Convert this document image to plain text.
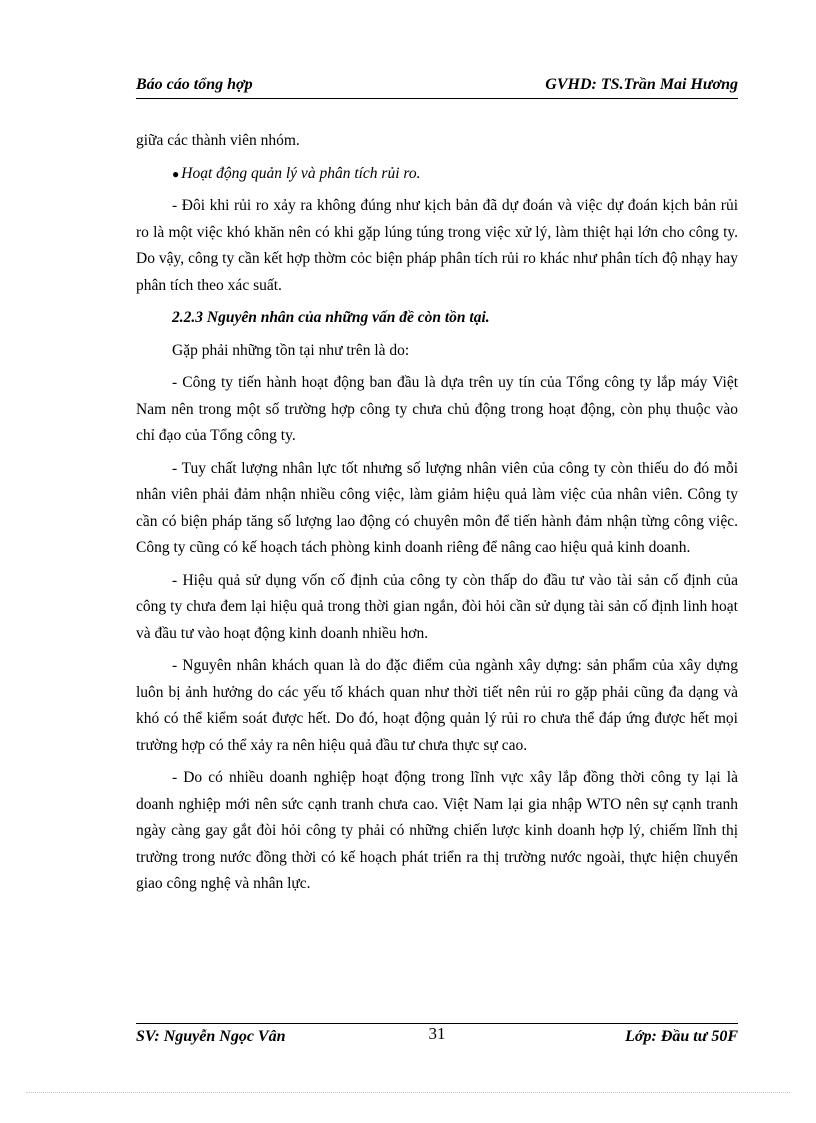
Báo cáo tổng hợp	GVHD: TS.Trần Mai Hương

giữa các thành viên nhóm.

● Hoạt động quản lý và phân tích rủi ro.

- Đôi khi rủi ro xảy ra không đúng như kịch bản đã dự đoán và việc dự đoán kịch bản rủi ro là một việc khó khăn nên có khi gặp lúng túng trong việc xử lý, làm thiệt hại lớn cho công ty. Do vậy, công ty cần kết hợp thờm cỏc biện pháp phân tích rủi ro khác như phân tích độ nhạy hay phân tích theo xác suất.

2.2.3 Nguyên nhân của những vấn đề còn tồn tại.

Gặp phải những tồn tại như trên là do:

- Công ty tiến hành hoạt động ban đầu là dựa trên uy tín của Tổng công ty lắp máy Việt Nam nên trong một số trường hợp công ty chưa chủ động trong hoạt động, còn phụ thuộc vào chỉ đạo của Tổng công ty.

- Tuy chất lượng nhân lực tốt nhưng số lượng nhân viên của công ty còn thiếu do đó mỗi nhân viên phải đảm nhận nhiều công việc, làm giảm hiệu quả làm việc của nhân viên. Công ty cần có biện pháp tăng số lượng lao động có chuyên môn để tiến hành đảm nhận từng công việc. Công ty cũng có kế hoạch tách phòng kinh doanh riêng để nâng cao hiệu quả kinh doanh.

- Hiệu quả sử dụng vốn cố định của công ty còn thấp do đầu tư vào tài sản cố định của công ty chưa đem lại hiệu quả trong thời gian ngắn, đòi hỏi cần sử dụng tài sản cố định linh hoạt và đầu tư vào hoạt động kinh doanh nhiều hơn.

- Nguyên nhân khách quan là do đặc điểm của ngành xây dựng: sản phẩm của xây dựng luôn bị ảnh hưởng do các yếu tố khách quan như thời tiết nên rủi ro gặp phải cũng đa dạng và khó có thể kiểm soát được hết. Do đó, hoạt động quản lý rủi ro chưa thể đáp ứng được hết mọi trường hợp có thể xảy ra nên hiệu quả đầu tư chưa thực sự cao.

- Do có nhiều doanh nghiệp hoạt động trong lĩnh vực xây lắp đồng thời công ty lại là doanh nghiệp mới nên sức cạnh tranh chưa cao. Việt Nam lại gia nhập WTO nên sự cạnh tranh ngày càng gay gắt đòi hỏi công ty phải có những chiến lược kinh doanh hợp lý, chiếm lĩnh thị trường trong nước đồng thời có kế hoạch phát triển ra thị trường nước ngoài, thực hiện chuyển giao công nghệ và nhân lực.

SV: Nguyễn Ngọc Vân	31	Lớp: Đầu tư 50F
